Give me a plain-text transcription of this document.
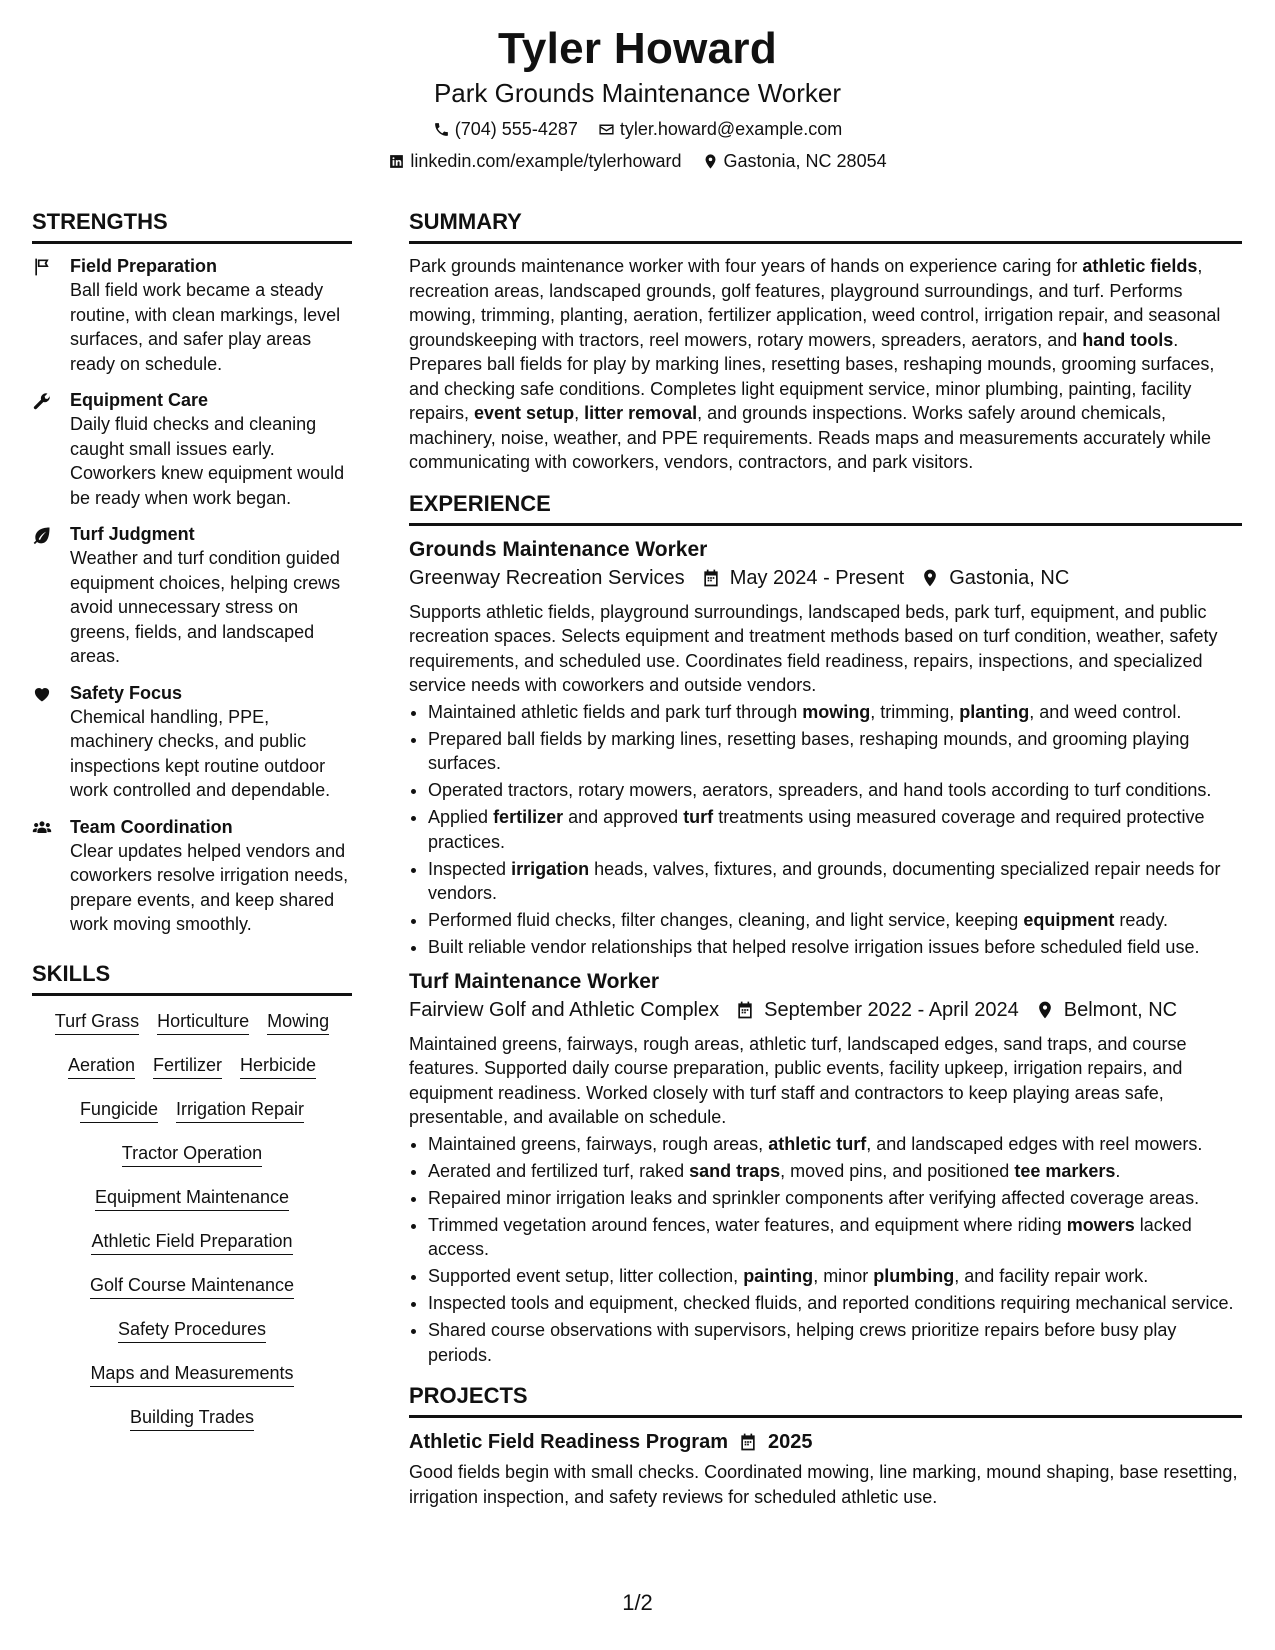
Tyler Howard
Park Grounds Maintenance Worker
(704) 555-4287 tyler.howard@example.com
linkedin.com/example/tylerhoward Gastonia, NC 28054
STRENGTHS
Field Preparation
Ball field work became a steady routine, with clean markings, level surfaces, and safer play areas ready on schedule.
Equipment Care
Daily fluid checks and cleaning caught small issues early. Coworkers knew equipment would be ready when work began.
Turf Judgment
Weather and turf condition guided equipment choices, helping crews avoid unnecessary stress on greens, fields, and landscaped areas.
Safety Focus
Chemical handling, PPE, machinery checks, and public inspections kept routine outdoor work controlled and dependable.
Team Coordination
Clear updates helped vendors and coworkers resolve irrigation needs, prepare events, and keep shared work moving smoothly.
SKILLS
Turf Grass Horticulture Mowing
Aeration Fertilizer Herbicide
Fungicide Irrigation Repair
Tractor Operation
Equipment Maintenance
Athletic Field Preparation
Golf Course Maintenance
Safety Procedures
Maps and Measurements
Building Trades
SUMMARY
Park grounds maintenance worker with four years of hands on experience caring for athletic fields, recreation areas, landscaped grounds, golf features, playground surroundings, and turf. Performs mowing, trimming, planting, aeration, fertilizer application, weed control, irrigation repair, and seasonal groundskeeping with tractors, reel mowers, rotary mowers, spreaders, aerators, and hand tools. Prepares ball fields for play by marking lines, resetting bases, reshaping mounds, grooming surfaces, and checking safe conditions. Completes light equipment service, minor plumbing, painting, facility repairs, event setup, litter removal, and grounds inspections. Works safely around chemicals, machinery, noise, weather, and PPE requirements. Reads maps and measurements accurately while communicating with coworkers, vendors, contractors, and park visitors.
EXPERIENCE
Grounds Maintenance Worker
Greenway Recreation Services May 2024 - Present Gastonia, NC
Supports athletic fields, playground surroundings, landscaped beds, park turf, equipment, and public recreation spaces. Selects equipment and treatment methods based on turf condition, weather, safety requirements, and scheduled use. Coordinates field readiness, repairs, inspections, and specialized service needs with coworkers and outside vendors.
• Maintained athletic fields and park turf through mowing, trimming, planting, and weed control.
• Prepared ball fields by marking lines, resetting bases, reshaping mounds, and grooming playing surfaces.
• Operated tractors, rotary mowers, aerators, spreaders, and hand tools according to turf conditions.
• Applied fertilizer and approved turf treatments using measured coverage and required protective practices.
• Inspected irrigation heads, valves, fixtures, and grounds, documenting specialized repair needs for vendors.
• Performed fluid checks, filter changes, cleaning, and light service, keeping equipment ready.
• Built reliable vendor relationships that helped resolve irrigation issues before scheduled field use.
Turf Maintenance Worker
Fairview Golf and Athletic Complex September 2022 - April 2024 Belmont, NC
Maintained greens, fairways, rough areas, athletic turf, landscaped edges, sand traps, and course features. Supported daily course preparation, public events, facility upkeep, irrigation repairs, and equipment readiness. Worked closely with turf staff and contractors to keep playing areas safe, presentable, and available on schedule.
• Maintained greens, fairways, rough areas, athletic turf, and landscaped edges with reel mowers.
• Aerated and fertilized turf, raked sand traps, moved pins, and positioned tee markers.
• Repaired minor irrigation leaks and sprinkler components after verifying affected coverage areas.
• Trimmed vegetation around fences, water features, and equipment where riding mowers lacked access.
• Supported event setup, litter collection, painting, minor plumbing, and facility repair work.
• Inspected tools and equipment, checked fluids, and reported conditions requiring mechanical service.
• Shared course observations with supervisors, helping crews prioritize repairs before busy play periods.
PROJECTS
Athletic Field Readiness Program 2025
Good fields begin with small checks. Coordinated mowing, line marking, mound shaping, base resetting, irrigation inspection, and safety reviews for scheduled athletic use.
1/2
